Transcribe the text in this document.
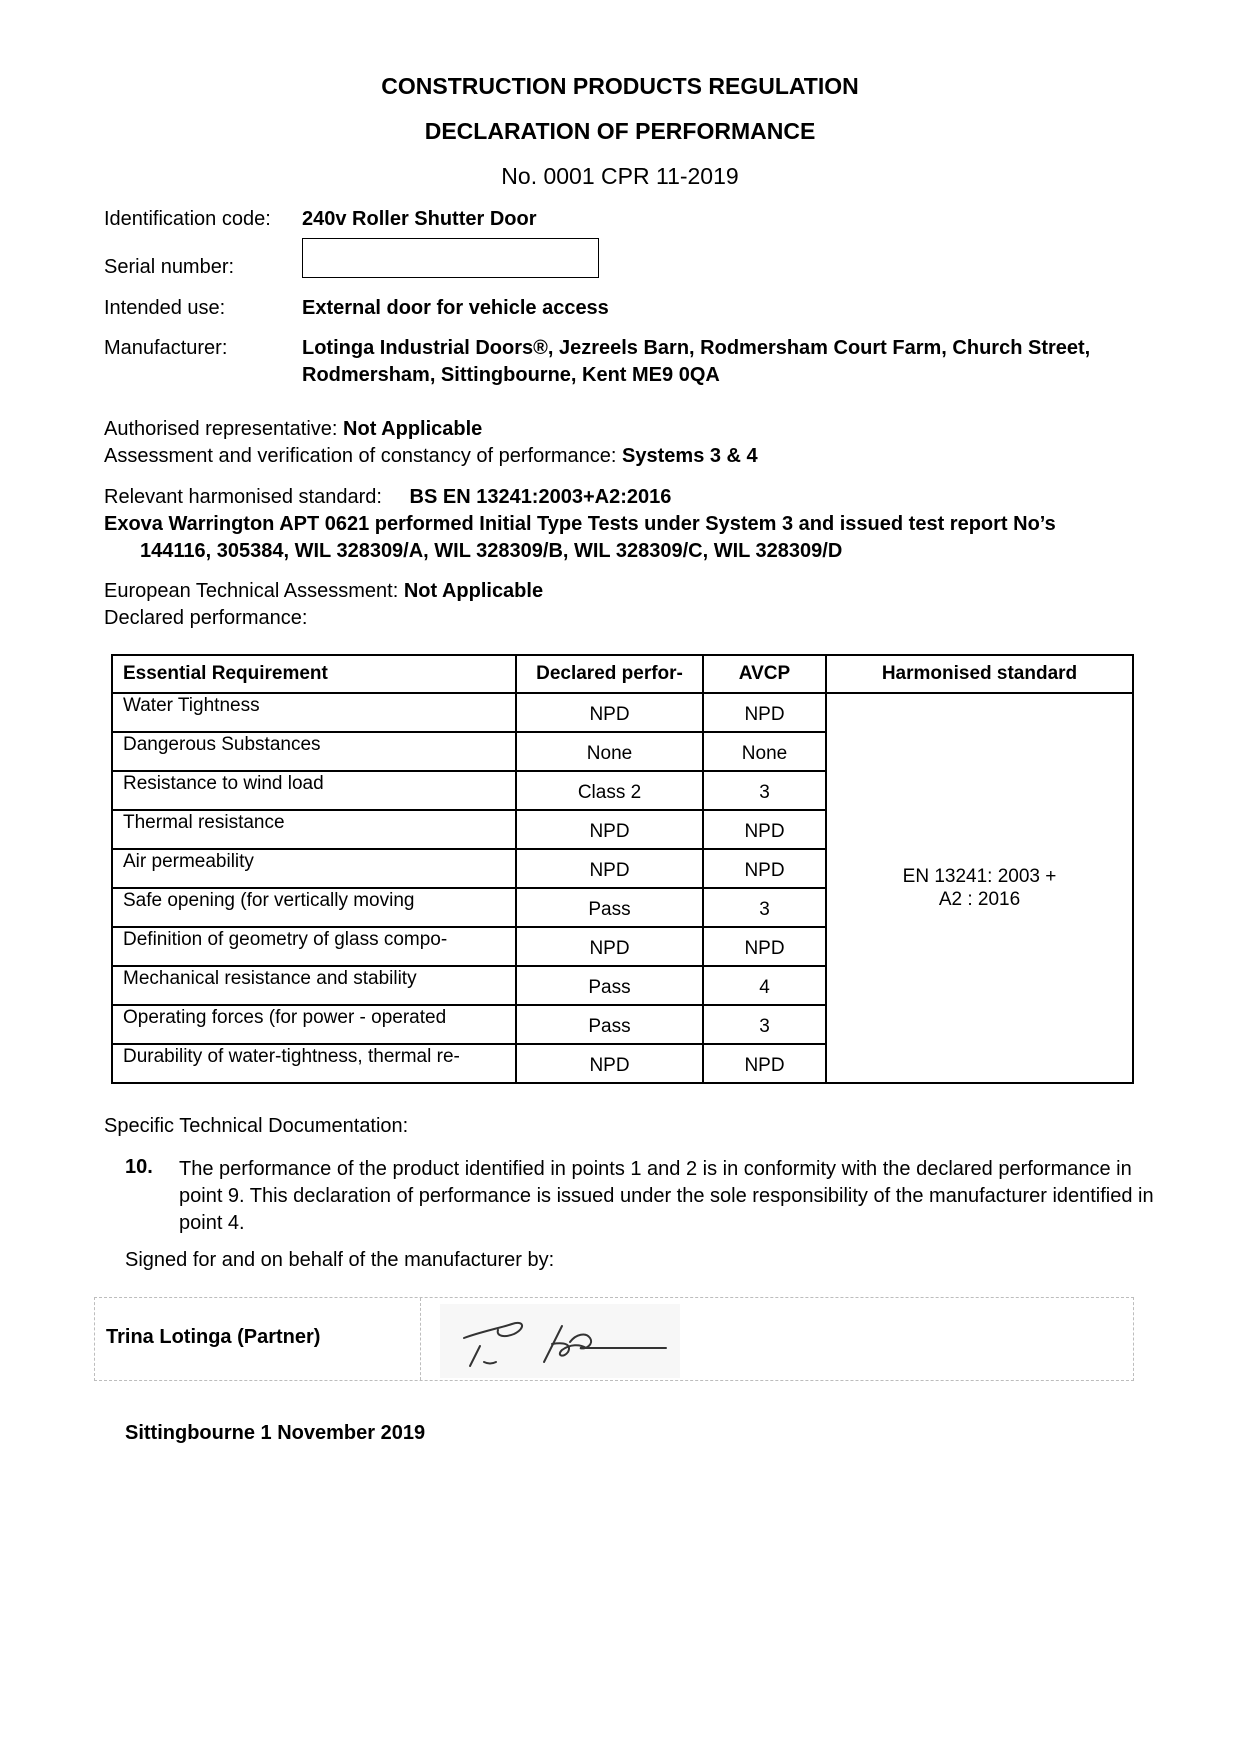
CONSTRUCTION PRODUCTS REGULATION
DECLARATION OF PERFORMANCE
No. 0001 CPR 11-2019
Identification code: 240v Roller Shutter Door
Serial number:
Intended use:	External door for vehicle access
Manufacturer:	Lotinga Industrial Doors®, Jezreels Barn, Rodmersham Court Farm, Church Street,
Rodmersham, Sittingbourne, Kent ME9 0QA
Authorised representative: Not Applicable
Assessment and verification of constancy of performance: Systems 3 & 4
Relevant harmonised standard: BS EN 13241:2003+A2:2016
Exova Warrington APT 0621 performed Initial Type Tests under System 3 and issued test report No’s
144116, 305384, WIL 328309/A, WIL 328309/B, WIL 328309/C, WIL 328309/D
European Technical Assessment: Not Applicable
Declared performance:
Essential Requirement	Declared perfor-	AVCP	Harmonised standard
Water Tightness	NPD	NPD	EN 13241: 2003 +
A2 : 2016

Dangerous Substances	None	None	
Resistance to wind load	Class 2	3	
Thermal resistance	NPD	NPD	
Air permeability	NPD	NPD	
Safe opening (for vertically moving	Pass	3	
Definition of geometry of glass compo-	NPD	NPD	
Mechanical resistance and stability	Pass	4	
Operating forces (for power - operated	Pass	3	
Durability of water-tightness, thermal re-	NPD	NPD	
Specific Technical Documentation:
10. The performance of the product identified in points 1 and 2 is in conformity with the declared performance in point 9. This declaration of performance is issued under the sole responsibility of the manufacturer identified in point 4.
Signed for and on behalf of the manufacturer by:
Trina Lotinga (Partner)
Sittingbourne 1 November 2019
